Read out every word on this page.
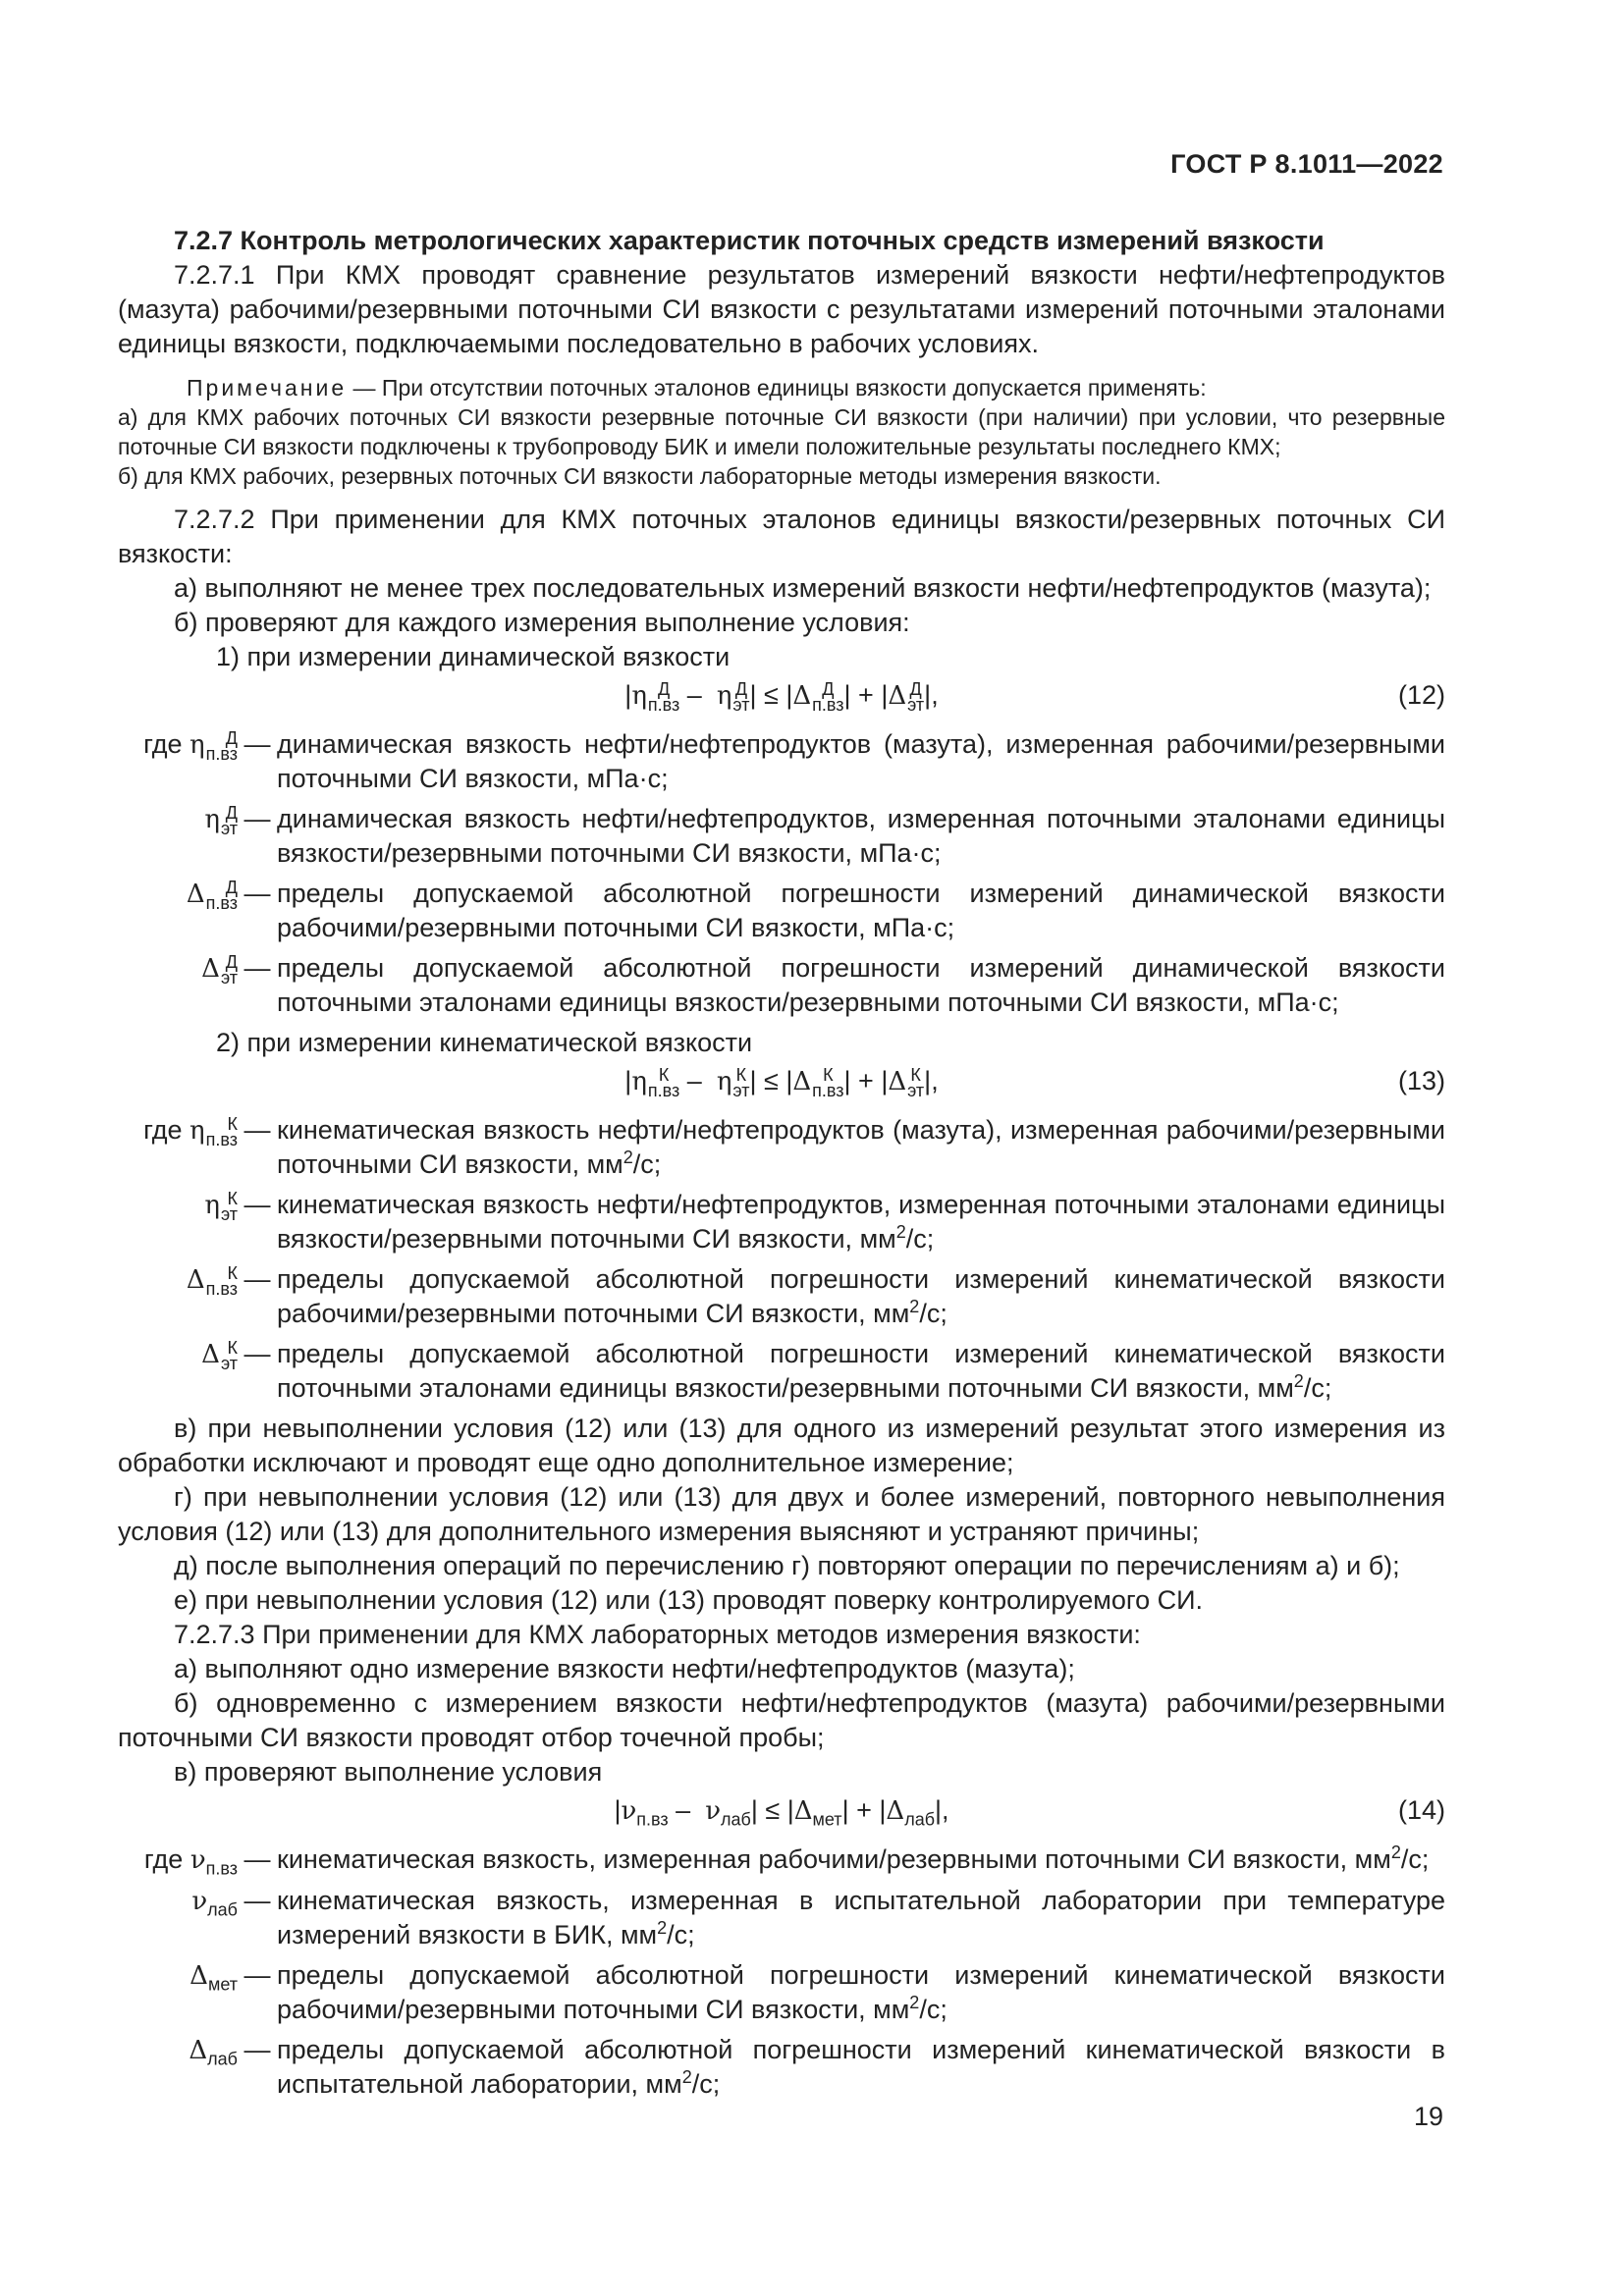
ГОСТ Р 8.1011—2022

7.2.7 Контроль метрологических характеристик поточных средств измерений вязкости

7.2.7.1 При КМХ проводят сравнение результатов измерений вязкости нефти/нефтепродуктов (мазута) рабочими/резервными поточными СИ вязкости с результатами измерений поточными эталонами единицы вязкости, подключаемыми последовательно в рабочих условиях.

Примечание — При отсутствии поточных эталонов единицы вязкости допускается применять:

а) для КМХ рабочих поточных СИ вязкости резервные поточные СИ вязкости (при наличии) при условии, что резервные поточные СИ вязкости подключены к трубопроводу БИК и имели положительные результаты последнего КМХ;

б) для КМХ рабочих, резервных поточных СИ вязкости лабораторные методы измерения вязкости.

7.2.7.2 При применении для КМХ поточных эталонов единицы вязкости/резервных поточных СИ вязкости:

а) выполняют не менее трех последовательных измерений вязкости нефти/нефтепродуктов (мазута);

б) проверяют для каждого измерения выполнение условия:

1) при измерении динамической вязкости

|η Д
п.вз – η Д
эт | ≤ |Δ Д
п.вз | + |Δ Д
эт |,	(12)
где η	Д
п.вз — динамическая вязкость нефти/нефтепродуктов (мазута), измеренная рабочими/резервными поточными СИ вязкости, мПа·с;
η Д
эт — динамическая вязкость нефти/нефтепродуктов, измеренная поточными эталонами единицы вязкости/резервными поточными СИ вязкости, мПа·с;
Δ	Д
п.вз — пределы допускаемой абсолютной погрешности измерений динамической вязкости рабочими/резервными поточными СИ вязкости, мПа·с;
Δ Д
эт — пределы допускаемой абсолютной погрешности измерений динамической вязкости поточными эталонами единицы вязкости/резервными поточными СИ вязкости, мПа·с;

2) при измерении кинематической вязкости

|η К
п.вз – η К
эт | ≤ |Δ К
п.вз | + |Δ К
эт |,	(13)
где η	К
п.вз — кинематическая вязкость нефти/нефтепродуктов (мазута), измеренная рабочими/резервными поточными СИ вязкости, $мм^2/с$;
η К
эт — кинематическая вязкость нефти/нефтепродуктов, измеренная поточными эталонами единицы вязкости/резервными поточными СИ вязкости, $мм^2/с$;
Δ	К
п.вз — пределы допускаемой абсолютной погрешности измерений кинематической вязкости рабочими/резервными поточными СИ вязкости, $мм^2/с$;
Δ К
эт — пределы допускаемой абсолютной погрешности измерений кинематической вязкости поточными эталонами единицы вязкости/резервными поточными СИ вязкости, $мм^2/с$;

в) при невыполнении условия (12) или (13) для одного из измерений результат этого измерения из обработки исключают и проводят еще одно дополнительное измерение;

г) при невыполнении условия (12) или (13) для двух и более измерений, повторного невыполнения условия (12) или (13) для дополнительного измерения выясняют и устраняют причины;

д) после выполнения операций по перечислению г) повторяют операции по перечислениям а) и б);

е) при невыполнении условия (12) или (13) проводят поверку контролируемого СИ.

7.2.7.3 При применении для КМХ лабораторных методов измерения вязкости:

а) выполняют одно измерение вязкости нефти/нефтепродуктов (мазута);

б) одновременно с измерением вязкости нефти/нефтепродуктов (мазута) рабочими/резервными поточными СИ вязкости проводят отбор точечной пробы;

в) проверяют выполнение условия

$|\nu_{п.вз} - \nu_{лаб}| \le |\Delta_{мет}| + |\Delta_{лаб}|$,	(14)
где $\nu_{п.вз}$ — кинематическая вязкость, измеренная рабочими/резервными поточными СИ вязкости, $мм^2/с$;
$\nu_{лаб}$ — кинематическая вязкость, измеренная в испытательной лаборатории при температуре измерений вязкости в БИК, $мм^2/с$;
$\Delta_{мет}$ — пределы допускаемой абсолютной погрешности измерений кинематической вязкости рабочими/резервными поточными СИ вязкости, $мм^2/с$;
$\Delta_{лаб}$ — пределы допускаемой абсолютной погрешности измерений кинематической вязкости в испытательной лаборатории, $мм^2/с$;
19
